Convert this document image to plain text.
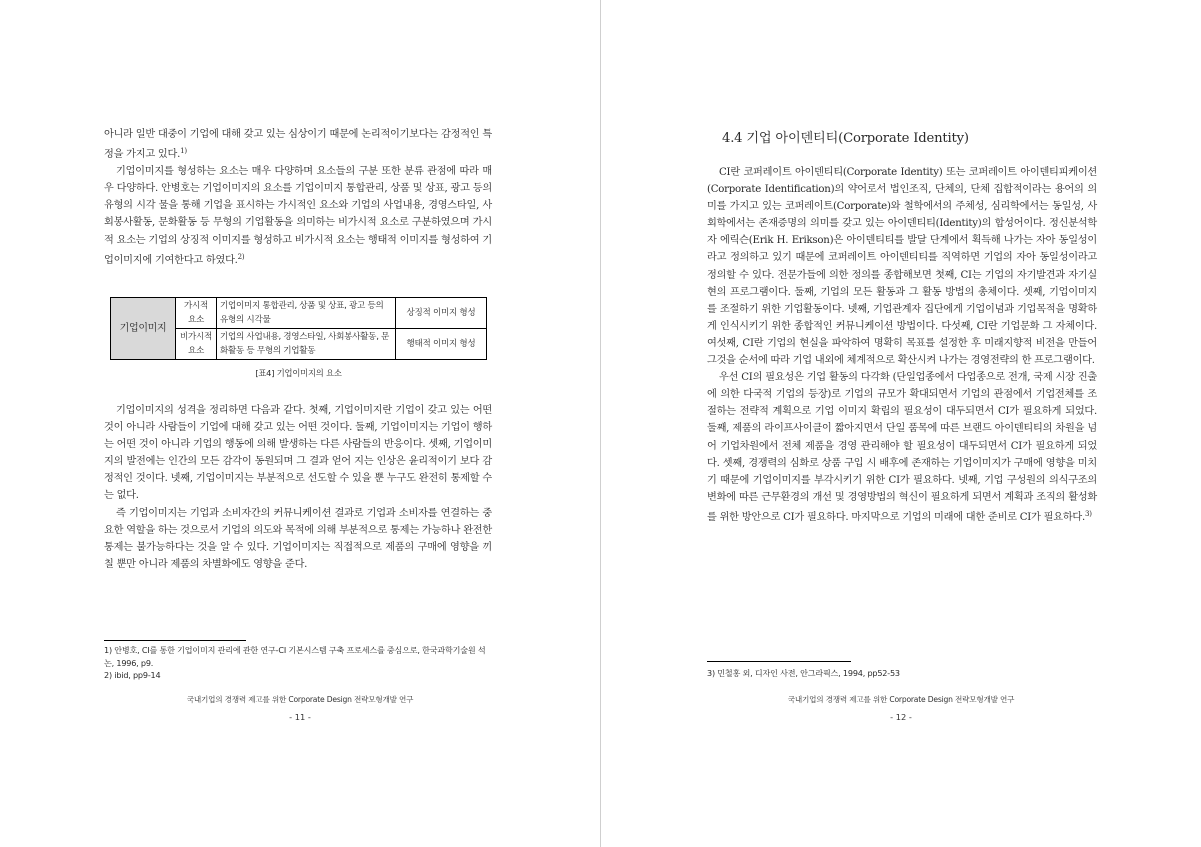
아니라 일반 대중이 기업에 대해 갖고 있는 심상이기 때문에 논리적이기보다는 감정적인 특정을 가지고 있다.$^{1)}$

기업이미지를 형성하는 요소는 매우 다양하며 요소들의 구분 또한 분류 관점에 따라 매우 다양하다. 안병호는 기업이미지의 요소를 기업이미지 통합관리, 상품 및 상표, 광고 등의 유형의 시각 물을 통해 기업을 표시하는 가시적인 요소와 기업의 사업내용, 경영스타일, 사회봉사활동, 문화활동 등 무형의 기업활동을 의미하는 비가시적 요소로 구분하였으며 가시적 요소는 기업의 상징적 이미지를 형성하고 비가시적 요소는 행태적 이미지를 형성하여 기업이미지에 기여한다고 하였다.$^{2)}$

기업이미지	가시적 요소	기업이미지 통합관리, 상품 및 상표, 광고 등의 유형의 시각물	상징적 이미지 형성
	비가시적 요소	기업의 사업내용, 경영스타일, 사회봉사활동, 문화활동 등 무형의 기업활동	행태적 이미지 형성
[표4] 기업이미지의 요소

기업이미지의 성격을 정리하면 다음과 같다. 첫째, 기업이미지란 기업이 갖고 있는 어떤 것이 아니라 사람들이 기업에 대해 갖고 있는 어떤 것이다. 둘째, 기업이미지는 기업이 행하는 어떤 것이 아니라 기업의 행동에 의해 발생하는 다른 사람들의 반응이다. 셋째, 기업이미지의 발전에는 인간의 모든 감각이 동원되며 그 결과 얻어 지는 인상은 윤리적이기 보다 감정적인 것이다. 넷째, 기업이미지는 부분적으로 선도할 수 있을 뿐 누구도 완전히 통제할 수는 없다.

즉 기업이미지는 기업과 소비자간의 커뮤니케이션 결과로 기업과 소비자를 연결하는 중요한 역할을 하는 것으로서 기업의 의도와 목적에 의해 부분적으로 통제는 가능하나 완전한 통제는 불가능하다는 것을 알 수 있다. 기업이미지는 직접적으로 제품의 구매에 영향을 끼칠 뿐만 아니라 제품의 차별화에도 영향을 준다.

1) 안병호, CI를 통한 기업이미지 관리에 관한 연구-CI 기본시스템 구축 프로세스를 중심으로, 한국과학기술원 석논, 1996, p9.

2) ibid, pp9-14

국내기업의 경쟁력 제고를 위한 Corporate Design 전략모형개발 연구
- 11 -

3) 민철홍 외, 디자인 사전, 안그라픽스, 1994, pp52-53

국내기업의 경쟁력 제고를 위한 Corporate Design 전략모형개발 연구
- 12 -
4.4 기업 아이덴티티(Corporate Identity)

CI란 코퍼레이트 아이덴티티(Corporate Identity) 또는 코퍼레이트 아이덴티피케이션(Corporate Identification)의 약어로서 법인조직, 단체의, 단체 집합적이라는 용어의 의미를 가지고 있는 코퍼레이트(Corporate)와 철학에서의 주체성, 심리학에서는 동일성, 사회학에서는 존재증명의 의미를 갖고 있는 아이덴티티(Identity)의 합성어이다. 정신분석학자 에릭슨(Erik H. Erikson)은 아이덴티티를 발달 단계에서 획득해 나가는 자아 동일성이라고 정의하고 있기 때문에 코퍼레이트 아이덴티티를 직역하면 기업의 자아 동일성이라고 정의할 수 있다. 전문가들에 의한 정의를 종합해보면 첫째, CI는 기업의 자기발견과 자기실현의 프로그램이다. 둘째, 기업의 모든 활동과 그 활동 방법의 총체이다. 셋째, 기업이미지를 조절하기 위한 기업활동이다. 넷째, 기업관계자 집단에게 기업이념과 기업목적을 명확하게 인식시키기 위한 종합적인 커뮤니케이션 방법이다. 다섯째, CI란 기업문화 그 자체이다. 여섯째, CI란 기업의 현실을 파악하여 명확히 목표를 설정한 후 미래지향적 비전을 만들어 그것을 순서에 따라 기업 내외에 체계적으로 확산시켜 나가는 경영전략의 한 프로그램이다.

우선 CI의 필요성은 기업 활동의 다각화 (단일업종에서 다업종으로 전개, 국제 시장 진출에 의한 다국적 기업의 등장)로 기업의 규모가 확대되면서 기업의 관점에서 기업전체를 조절하는 전략적 계획으로 기업 이미지 확립의 필요성이 대두되면서 CI가 필요하게 되었다. 둘째, 제품의 라이프사이클이 짧아지면서 단일 품목에 따른 브랜드 아이덴티티의 차원을 넘어 기업차원에서 전체 제품을 경영 관리해야 할 필요성이 대두되면서 CI가 필요하게 되었다. 셋째, 경쟁력의 심화로 상품 구입 시 배후에 존재하는 기업이미지가 구매에 영향을 미치기 때문에 기업이미지를 부각시키기 위한 CI가 필요하다. 넷째, 기업 구성원의 의식구조의 변화에 따른 근무환경의 개선 및 경영방법의 혁신이 필요하게 되면서 계획과 조직의 활성화를 위한 방안으로 CI가 필요하다. 마지막으로 기업의 미래에 대한 준비로 CI가 필요하다.$^{3)}$
